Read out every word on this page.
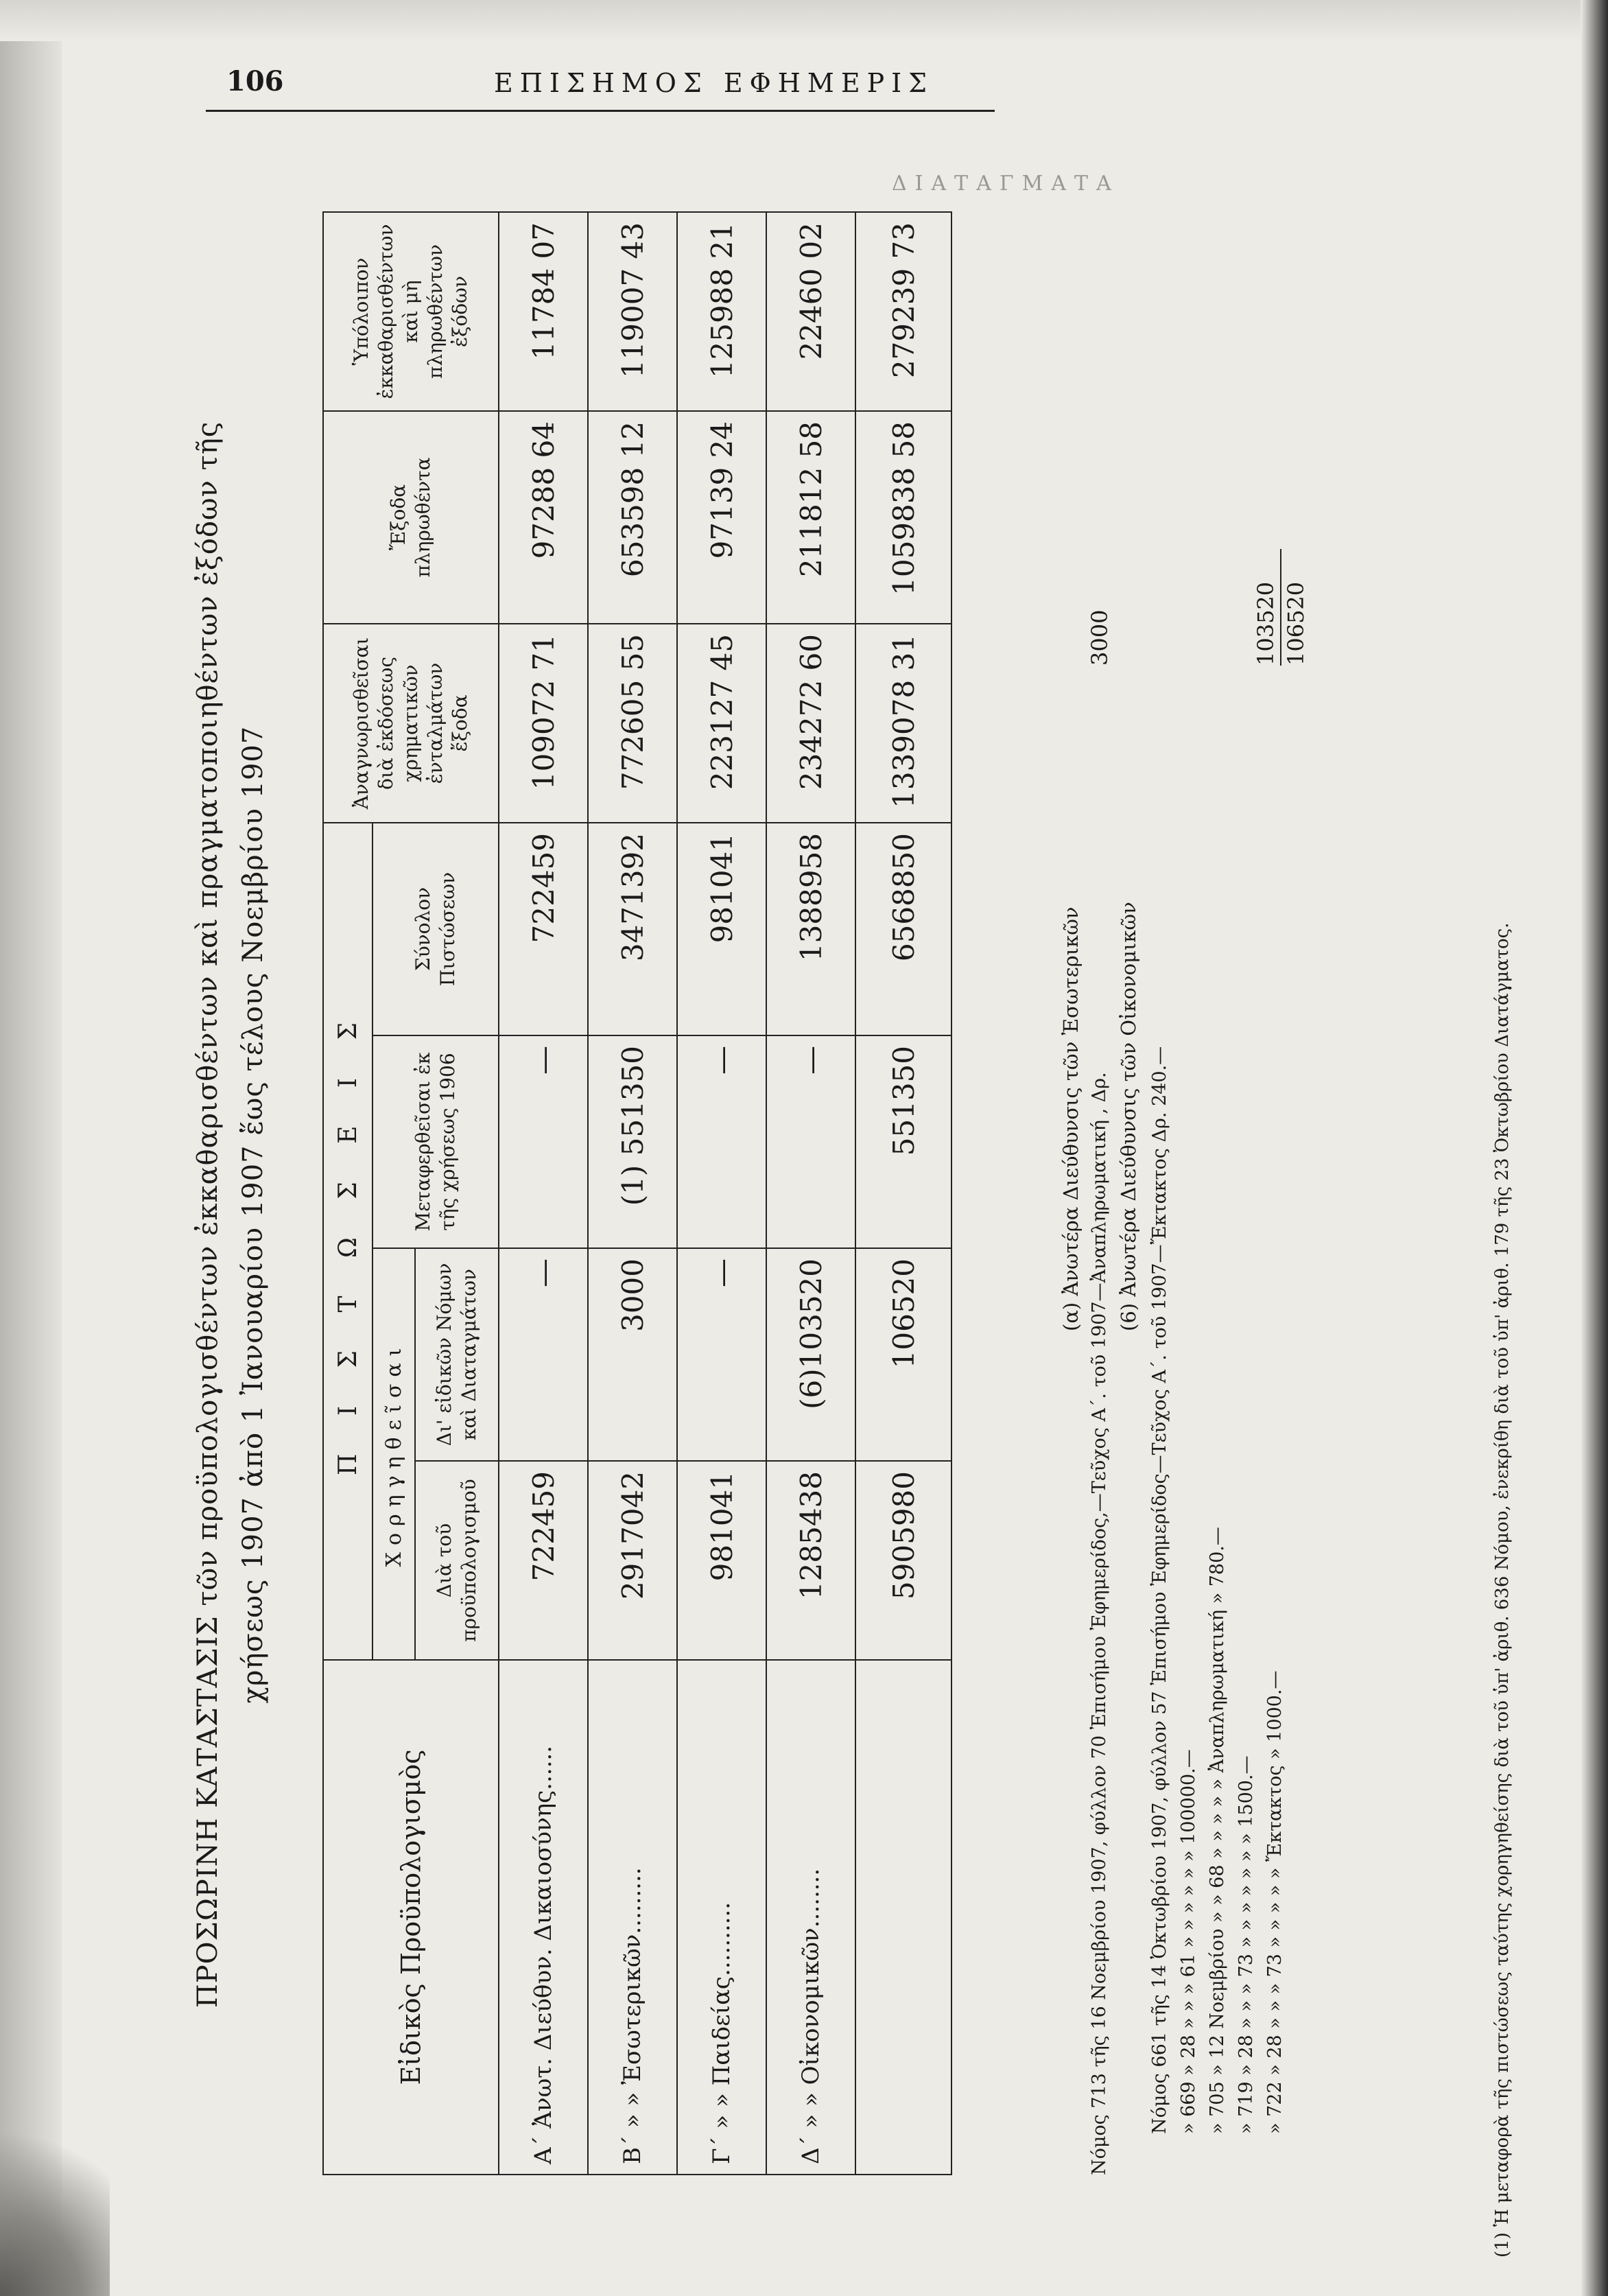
ΔΙΑΤΑΓΜΑΤΑ
106	ΕΠΙΣΗΜΟΣ ΕΦΗΜΕΡΙΣ
ΠΡΟΣΩΡΙΝΗ ΚΑΤΑΣΤΑΣΙΣ τῶν προϋπολογισθέντων ἐκκαθαρισθέντων καὶ πραγματοποιηθέντων ἐξόδων τῆς χρήσεως 1907 ἀπὸ 1 Ἰανουαρίου 1907 ἕως τέλους Νοεμβρίου 1907
Εἰδικὸς Προϋπολογισμὸς	Π Ι Σ Τ Ω Σ Ε Ι Σ				Ἀναγνωρισθεῖσαι διὰ ἐκδόσεως χρηματικῶν ἐνταλμάτων ἔξοδα	Ἔξοδα πληρωθέντα	Ὑπόλοιπον ἐκκαθαρισθέντων καὶ μὴ πληρωθέντων ἐξόδων
	Χορηγηθεῖσαι		Μεταφερθεῖσαι ἐκ τῆς χρήσεως 1906	Σύνολον Πιστώσεων			
	Διὰ τοῦ προϋπολογισμοῦ	Δι' εἰδικῶν Νόμων καὶ Διαταγμάτων					
Α΄ Ἀνωτ. Διεύθυν. Δικαιοσύνης......	722459	—	—	722459	109072 71	97288 64	11784 07
Β΄ » » Ἐσωτερικῶν.........	2917042	3000	(1) 551350	3471392	772605 55	653598 12	119007 43
Γ΄ » » Παιδείας..........	981041	—	—	981041	223127 45	97139 24	125988 21
Δ΄ » » Οἰκονομικῶν........	1285438	(6)103520	—	1388958	234272 60	211812 58	22460 02
	5905980	106520	551350	6568850	1339078 31	1059838 58	279239 73
(α) Ἀνωτέρα Διεύθυνσις τῶν Ἐσωτερικῶν Νόμος 713 τῆς 16 Νοεμβρίου 1907, φύλλον 70 Ἐπισήμου Ἐφημερίδος,—Τεῦχος Α΄. τοῦ 1907—Ἀναπληρωματική , Δρ. (6) Ἀνωτέρα Διεύθυνσις τῶν Οἰκονομικῶν Νόμος 661 τῆς 14 Ὀκτωβρίου 1907, φύλλον 57 Ἐπισήμου Ἐφημερίδος—Τεῦχος Α΄. τοῦ 1907—Ἔκτακτος Δρ. 240.— » 669 » 28 » » » 61 » » » » » » 100000.— » 705 » 12 Νοεμβρίου » » 68 » » » » » Ἀναπληρωματική » 780.— » 719 » 28 » » » 73 » » » » » » » 1500.— » 722 » 28 » » » 73 » » » » » Ἔκτακτος » 1000.—
3000	103520 106520
(1) Ἡ μεταφορὰ τῆς πιστώσεως ταύτης χορηγηθείσης διὰ τοῦ ὑπ' ἀριθ. 636 Νόμου, ἐνεκρίθη διὰ τοῦ ὑπ' ἀριθ. 179 τῆς 23 Ὀκτωβρίου Διατάγματος.
